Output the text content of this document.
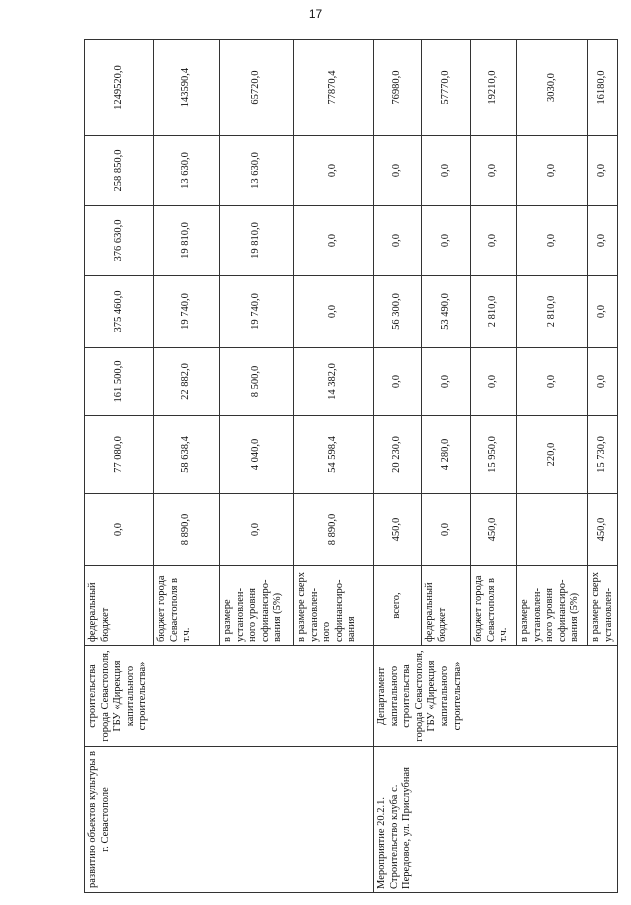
17
развитию объектов культуры в г. Севастополе	строительства города Севастополя, ГБУ «Дирекция капитального строительства»	федеральный бюджет	0,0	77 080,0	161 500,0	375 460,0	376 630,0	258 850,0	1249520,0
		бюджет города Севастополя в т.ч.	8 890,0	58 638,4	22 882,0	19 740,0	19 810,0	13 630,0	143590,4
		в размере установлен-ного уровня софинансиро-вания (5%)	0,0	4 040,0	8 500,0	19 740,0	19 810,0	13 630,0	65720,0
		в размере сверх установлен-ного софинансиро-вания	8 890,0	54 598,4	14 382,0	0,0	0,0	0,0	77870,4
Мероприятие 20.2.1. Строительство клуба с. Передовое, ул. Прислубная	Департамент капитального строительства города Севастополя, ГБУ «Дирекция капитального строительства»	всего,	450,0	20 230,0	0,0	56 300,0	0,0	0,0	76980,0
		федеральный бюджет	0,0	4 280,0	0,0	53 490,0	0,0	0,0	57770,0
		бюджет города Севастополя в т.ч.	450,0	15 950,0	0,0	2 810,0	0,0	0,0	19210,0
		в размере установлен-ного уровня софинансиро-вания (5%)		220,0	0,0	2 810,0	0,0	0,0	3030,0
		в размере сверх установлен-	450,0	15 730,0	0,0	0,0	0,0	0,0	16180,0
